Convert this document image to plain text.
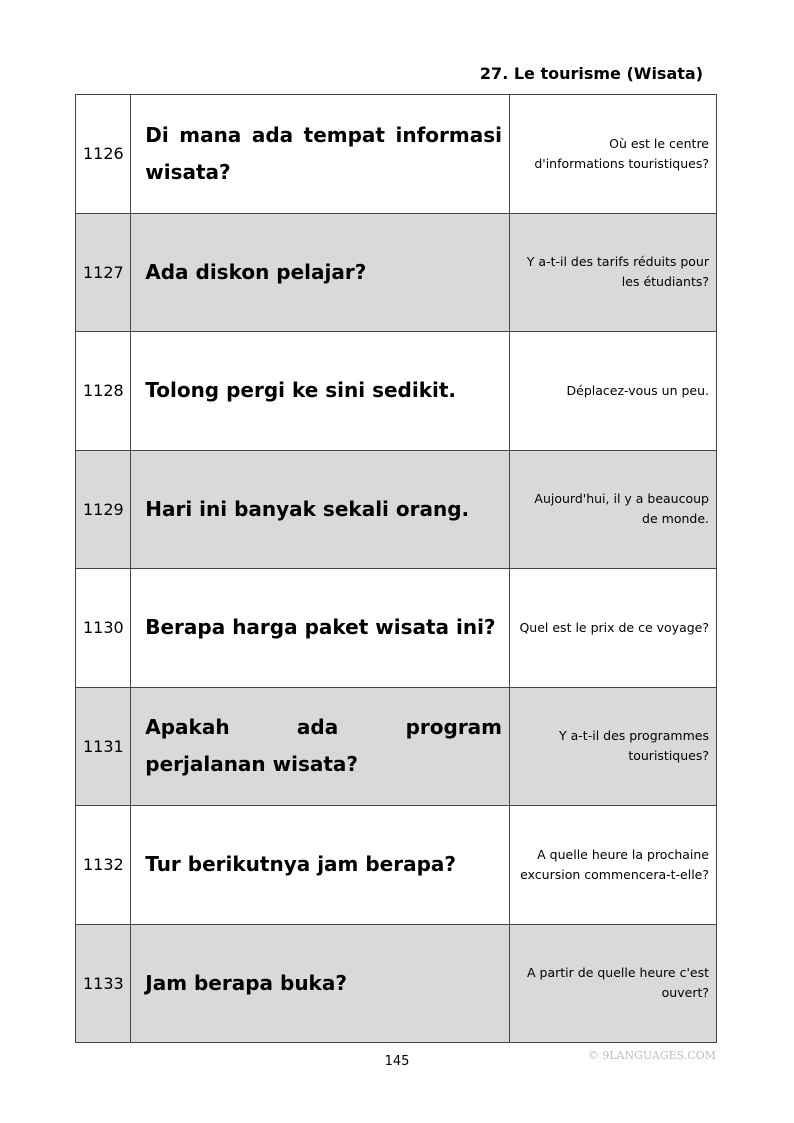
27. Le tourisme (Wisata)
1126	Di mana ada tempat informasi wisata?	Où est le centre d'informations touristiques?
1127	Ada diskon pelajar?	Y a-t-il des tarifs réduits pour les étudiants?
1128	Tolong pergi ke sini sedikit.	Déplacez-vous un peu.
1129	Hari ini banyak sekali orang.	Aujourd'hui, il y a beaucoup de monde.
1130	Berapa harga paket wisata ini?	Quel est le prix de ce voyage?
1131	Apakah ada program perjalanan wisata?	Y a-t-il des programmes touristiques?
1132	Tur berikutnya jam berapa?	A quelle heure la prochaine excursion commencera-t-elle?
1133	Jam berapa buka?	A partir de quelle heure c'est ouvert?
145	© 9LANGUAGES.COM
